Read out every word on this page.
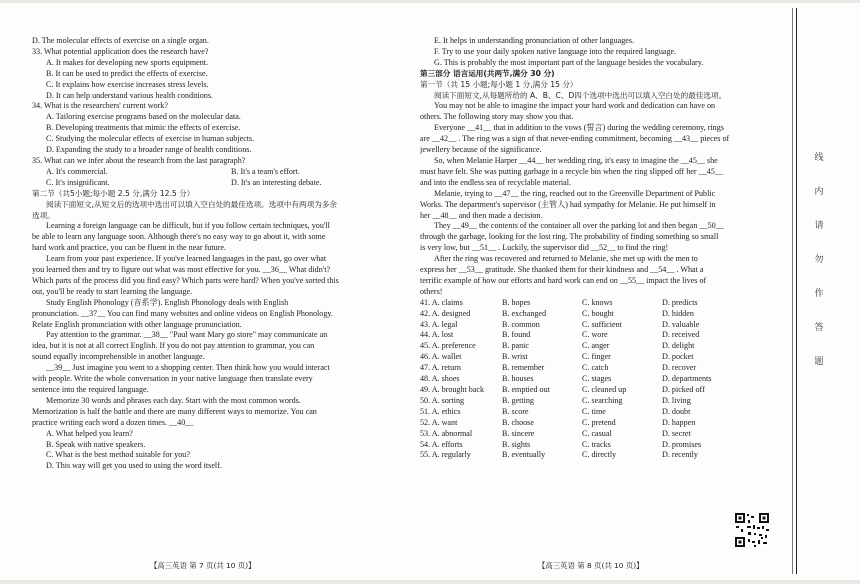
D. The molecular effects of exercise on a single organ.

33. What potential application does the research have?

A. It makes for developing new sports equipment.

B. It can be used to predict the effects of exercise.

C. It explains how exercise increases stress levels.

D. It can help understand various health conditions.

34. What is the researchers' current work?

A. Tailoring exercise programs based on the molecular data.

B. Developing treatments that mimic the effects of exercise.

C. Studying the molecular effects of exercise in human subjects.

D. Expanding the study to a broader range of health conditions.

35. What can we infer about the research from the last paragraph?

A. It's commercial.	B. It's a team's effort.
C. It's insignificant.	D. It's an interesting debate.

第二节（共5小题;每小题 2.5 分,满分 12.5 分）

阅读下面短文,从短文后的选项中选出可以填入空白处的最佳选项。选项中有两项为多余

选项。

Learning a foreign language can be difficult, but if you follow certain techniques, you'll

be able to learn any language soon. Although there's no easy way to go about it, with some

hard work and practice, you can be fluent in the near future.

Learn from your past experience. If you've learned languages in the past, go over what

you learned then and try to figure out what was most effective for you. __36__ What didn't?

Which parts of the process did you find easy? Which parts were hard? When you've sorted this

out, you'll be ready to start learning the language.

Study English Phonology (音系学). English Phonology deals with English

pronunciation. __37__ You can find many websites and online videos on English Phonology.

Relate English pronunciation with other language pronunciation.

Pay attention to the grammar. __38__ "Paul want Mary go store" may communicate an

idea, but it is not at all correct English. If you do not pay attention to grammar, you can

sound equally incomprehensible in another language.

__39__ Just imagine you went to a shopping center. Then think how you would interact

with people. Write the whole conversation in your native language then translate every

sentence into the required language.

Memorize 30 words and phrases each day. Start with the most common words.

Memorization is half the battle and there are many different ways to memorize. You can

practice writing each word a dozen times. __40__

A. What helped you learn?

B. Speak with native speakers.

C. What is the best method suitable for you?

D. This way will get you used to using the word itself.

E. It helps in understanding pronunciation of other languages.

F. Try to use your daily spoken native language into the required language.

G. This is probably the most important part of the language besides the vocabulary.

第三部分 语言运用(共两节,满分 30 分)

第一节（共 15 小题;每小题 1 分,满分 15 分）

阅读下面短文,从每题所给的 A、B、C、D四个选项中选出可以填入空白处的最佳选项。

You may not be able to imagine the impact your hard work and dedication can have on

others. The following story may show you that.

Everyone __41__ that in addition to the vows (誓言) during the wedding ceremony, rings

are __42__ . The ring was a sign of that never-ending commitment, becoming __43__ pieces of

jewellery because of the significance.

So, when Melanie Harper __44__ her wedding ring, it's easy to imagine the __45__ she

must have felt. She was putting garbage in a recycle bin when the ring slipped off her __45__

and into the endless sea of recyclable material.

Melanie, trying to __47__ the ring, reached out to the Greenville Department of Public

Works. The department's supervisor (主管人) had sympathy for Melanie. He put himself in

her __48__ and then made a decision.

They __49__ the contents of the container all over the parking lot and then began __50__

through the garbage, looking for the lost ring. The probability of finding something so small

is very low, but __51__ . Luckily, the supervisor did __52__ to find the ring!

After the ring was recovered and returned to Melanie, she met up with the men to

express her __53__ gratitude. She thanked them for their kindness and __54__ . What a

terrific example of how our efforts and hard work can end on __55__ impact the lives of

others!

41. A. claims	B. hopes	C. knows	D. predicts
42. A. designed	B. exchanged	C. bought	D. hidden
43. A. legal	B. common	C. sufficient	D. valuable
44. A. lost	B. found	C. wore	D. received
45. A. preference	B. panic	C. anger	D. delight
46. A. wallet	B. wrist	C. finger	D. pocket
47. A. return	B. remember	C. catch	D. recover
48. A. shoes	B. houses	C. stages	D. departments
49. A. brought back	B. emptied out	C. cleaned up	D. picked off
50. A. sorting	B. getting	C. searching	D. living
51. A. ethics	B. score	C. time	D. doubt
52. A. want	B. choose	C. pretend	D. happen
53. A. abnormal	B. sincere	C. casual	D. secret
54. A. efforts	B. sights	C. tracks	D. promises
55. A. regularly	B. eventually	C. directly	D. recently
线
内
请
勿
作
答
题
【高三英语 第 7 页(共 10 页)】	【高三英语 第 8 页(共 10 页)】
